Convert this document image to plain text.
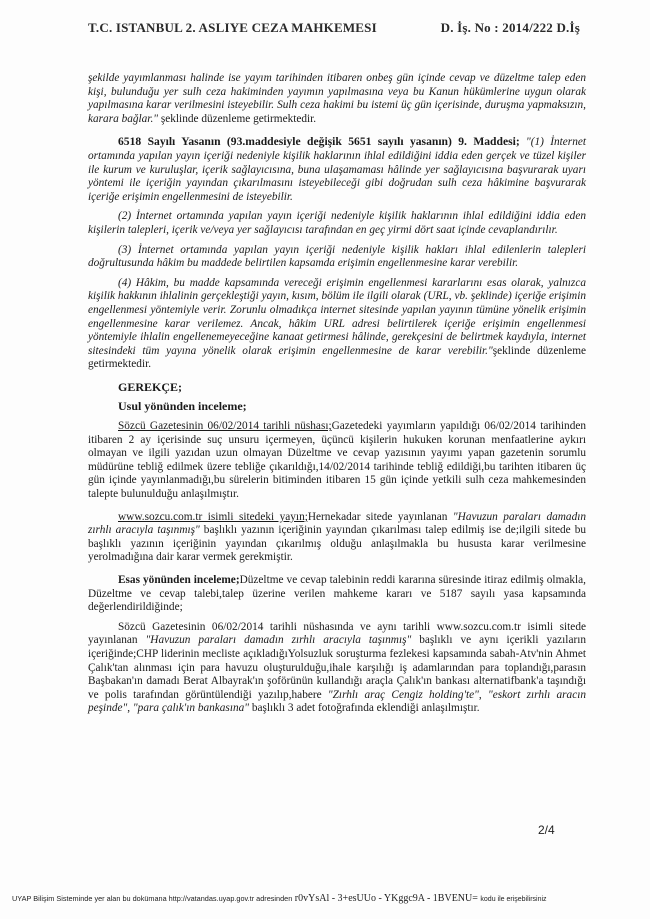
T.C. ISTANBUL 2. ASLIYE CEZA MAHKEMESI	D. İş. No : 2014/222 D.İş

şekilde yayımlanması halinde ise yayım tarihinden itibaren onbeş gün içinde cevap ve düzeltme talep eden kişi, bulunduğu yer sulh ceza hakiminden yayımın yapılmasına veya bu Kanun hükümlerine uygun olarak yapılmasına karar verilmesini isteyebilir. Sulh ceza hakimi bu istemi üç gün içerisinde, duruşma yapmaksızın, karara bağlar." şeklinde düzenleme getirmektedir.

6518 Sayılı Yasanın (93.maddesiyle değişik 5651 sayılı yasanın) 9. Maddesi; "(1) İnternet ortamında yapılan yayın içeriği nedeniyle kişilik haklarının ihlal edildiğini iddia eden gerçek ve tüzel kişiler ile kurum ve kuruluşlar, içerik sağlayıcısına, buna ulaşamaması hâlinde yer sağlayıcısına başvurarak uyarı yöntemi ile içeriğin yayından çıkarılmasını isteyebileceği gibi doğrudan sulh ceza hâkimine başvurarak içeriğe erişimin engellenmesini de isteyebilir.

(2) İnternet ortamında yapılan yayın içeriği nedeniyle kişilik haklarının ihlal edildiğini iddia eden kişilerin talepleri, içerik ve/veya yer sağlayıcısı tarafından en geç yirmi dört saat içinde cevaplandırılır.

(3) İnternet ortamında yapılan yayın içeriği nedeniyle kişilik hakları ihlal edilenlerin talepleri doğrultusunda hâkim bu maddede belirtilen kapsamda erişimin engellenmesine karar verebilir.

(4) Hâkim, bu madde kapsamında vereceği erişimin engellenmesi kararlarını esas olarak, yalnızca kişilik hakkının ihlalinin gerçekleştiği yayın, kısım, bölüm ile ilgili olarak (URL, vb. şeklinde) içeriğe erişimin engellenmesi yöntemiyle verir. Zorunlu olmadıkça internet sitesinde yapılan yayının tümüne yönelik erişimin engellenmesine karar verilemez. Ancak, hâkim URL adresi belirtilerek içeriğe erişimin engellenmesi yöntemiyle ihlalin engellenemeyeceğine kanaat getirmesi hâlinde, gerekçesini de belirtmek kaydıyla, internet sitesindeki tüm yayına yönelik olarak erişimin engellenmesine de karar verebilir."şeklinde düzenleme getirmektedir.

GEREKÇE;

Usul yönünden inceleme;

Sözcü Gazetesinin 06/02/2014 tarihli nüshası;Gazetedeki yayımların yapıldığı 06/02/2014 tarihinden itibaren 2 ay içerisinde suç unsuru içermeyen, üçüncü kişilerin hukuken korunan menfaatlerine aykırı olmayan ve ilgili yazıdan uzun olmayan Düzeltme ve cevap yazısının yayımı yapan gazetenin sorumlu müdürüne tebliğ edilmek üzere tebliğe çıkarıldığı,14/02/2014 tarihinde tebliğ edildiği,bu tarihten itibaren üç gün içinde yayınlanmadığı,bu sürelerin bitiminden itibaren 15 gün içinde yetkili sulh ceza mahkemesinden talepte bulunulduğu anlaşılmıştır.

www.sozcu.com.tr isimli sitedeki yayın;Hernekadar sitede yayınlanan "Havuzun paraları damadın zırhlı aracıyla taşınmış" başlıklı yazının içeriğinin yayından çıkarılması talep edilmiş ise de;ilgili sitede bu başlıklı yazının içeriğinin yayından çıkarılmış olduğu anlaşılmakla bu hususta karar verilmesine yerolmadığına dair karar vermek gerekmiştir.

Esas yönünden inceleme;Düzeltme ve cevap talebinin reddi kararına süresinde itiraz edilmiş olmakla, Düzeltme ve cevap talebi,talep üzerine verilen mahkeme kararı ve 5187 sayılı yasa kapsamında değerlendirildiğinde;

Sözcü Gazetesinin 06/02/2014 tarihli nüshasında ve aynı tarihli www.sozcu.com.tr isimli sitede yayınlanan "Havuzun paraları damadın zırhlı aracıyla taşınmış" başlıklı ve aynı içerikli yazıların içeriğinde;CHP liderinin mecliste açıkladığıYolsuzluk soruşturma fezlekesi kapsamında sabah-Atv'nin Ahmet Çalık'tan alınması için para havuzu oluşturulduğu,ihale karşılığı iş adamlarından para toplandığı,parasın Başbakan'ın damadı Berat Albayrak'ın şoförünün kullandığı araçla Çalık'ın bankası alternatifbank'a taşındığı ve polis tarafından görüntülendiği yazılıp,habere "Zırhlı araç Cengiz holding'te", "eskort zırhlı aracın peşinde", "para çalık'ın bankasına" başlıklı 3 adet fotoğrafında eklendiği anlaşılmıştır.

2/4
UYAP Bilişim Sisteminde yer alan bu dokümana http://vatandas.uyap.gov.tr adresinden r0vYsAl - 3+esUUo - YKggc9A - 1BVENU= kodu ile erişebilirsiniz
